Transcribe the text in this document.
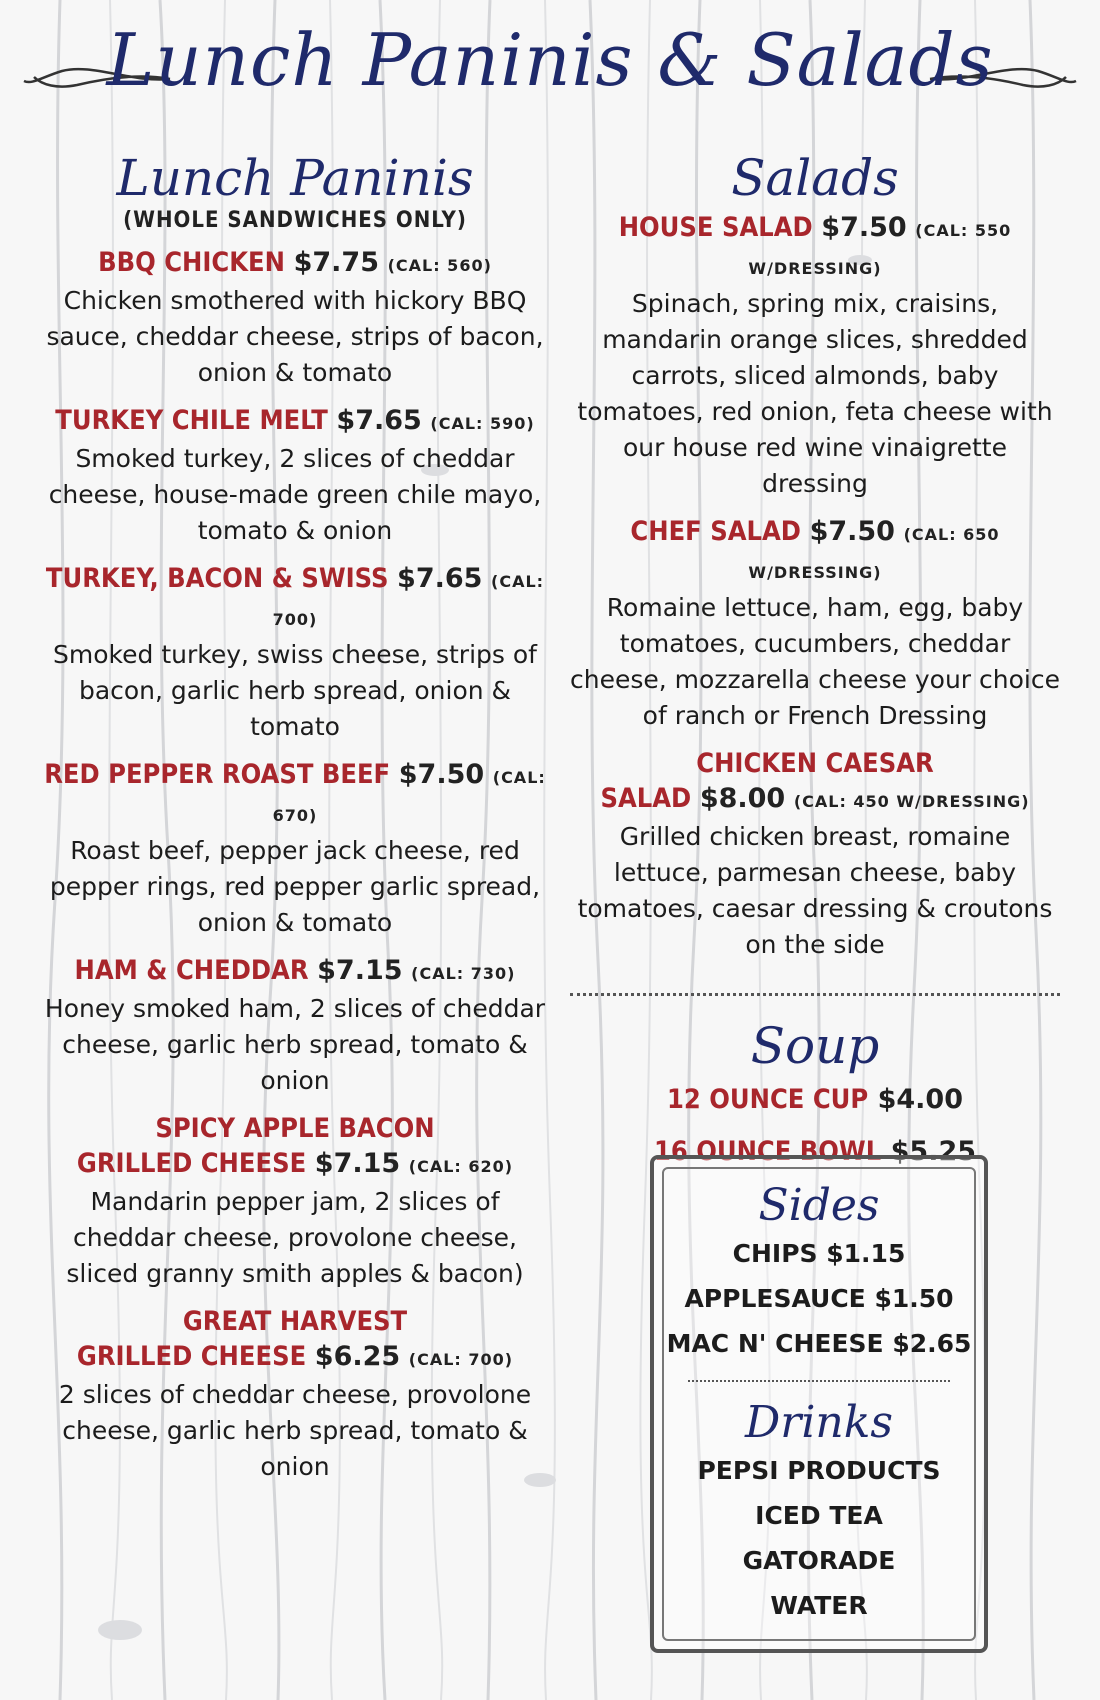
Lunch Paninis & Salads
Lunch Paninis
(WHOLE SANDWICHES ONLY)
BBQ CHICKEN $7.75 (CAL: 560)
Chicken smothered with hickory BBQ sauce, cheddar cheese, strips of bacon, onion & tomato
TURKEY CHILE MELT $7.65 (CAL: 590)
Smoked turkey, 2 slices of cheddar cheese, house-made green chile mayo, tomato & onion
TURKEY, BACON & SWISS $7.65 (CAL: 700)
Smoked turkey, swiss cheese, strips of bacon, garlic herb spread, onion & tomato
RED PEPPER ROAST BEEF $7.50 (CAL: 670)
Roast beef, pepper jack cheese, red pepper rings, red pepper garlic spread, onion & tomato
HAM & CHEDDAR $7.15 (CAL: 730)
Honey smoked ham, 2 slices of cheddar cheese, garlic herb spread, tomato & onion
SPICY APPLE BACON
GRILLED CHEESE $7.15 (CAL: 620)
Mandarin pepper jam, 2 slices of cheddar cheese, provolone cheese, sliced granny smith apples & bacon)
GREAT HARVEST
GRILLED CHEESE $6.25 (CAL: 700)
2 slices of cheddar cheese, provolone cheese, garlic herb spread, tomato & onion
Salads
HOUSE SALAD $7.50 (CAL: 550 W/DRESSING)
Spinach, spring mix, craisins, mandarin orange slices, shredded carrots, sliced almonds, baby tomatoes, red onion, feta cheese with our house red wine vinaigrette dressing
CHEF SALAD $7.50 (CAL: 650 W/DRESSING)
Romaine lettuce, ham, egg, baby tomatoes, cucumbers, cheddar cheese, mozzarella cheese your choice of ranch or French Dressing
CHICKEN CAESAR
SALAD $8.00 (CAL: 450 W/DRESSING)
Grilled chicken breast, romaine lettuce, parmesan cheese, baby tomatoes, caesar dressing & croutons on the side
Soup
12 OUNCE CUP $4.00
16 OUNCE BOWL $5.25
Sides
CHIPS $1.15
APPLESAUCE $1.50
MAC N' CHEESE $2.65
Drinks
PEPSI PRODUCTS
ICED TEA
GATORADE
WATER
